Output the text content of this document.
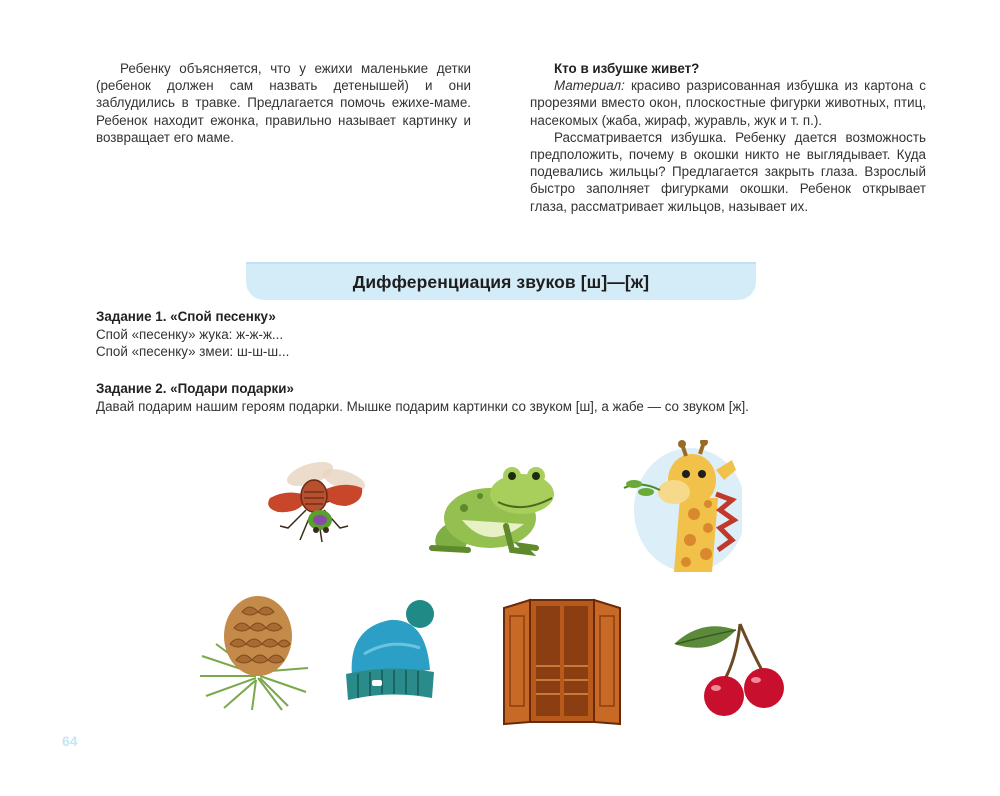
Ребенку объясняется, что у ежихи маленькие детки (ребенок должен сам назвать детенышей) и они заблудились в травке. Предлагается помочь ежихе-маме. Ребенок находит ежонка, правильно называет картинку и возвращает его маме.

Кто в избушке живет?

Материал: красиво разрисованная избушка из картона с прорезями вместо окон, плоскостные фигурки животных, птиц, насекомых (жаба, жираф, журавль, жук и т. п.).

Рассматривается избушка. Ребенку дается возможность предположить, почему в окошки никто не выглядывает. Куда подевались жильцы? Предлагается закрыть глаза. Взрослый быстро заполняет фигурками окошки. Ребенок открывает глаза, рассматривает жильцов, называет их.

Дифференциация звуков [ш]—[ж]
Задание 1. «Спой песенку»
Спой «песенку» жука: ж-ж-ж...
Спой «песенку» змеи: ш-ш-ш...
Задание 2. «Подари подарки»
Давай подарим нашим героям подарки. Мышке подарим картинки со звуком [ш], а жабе — со звуком [ж].
64
